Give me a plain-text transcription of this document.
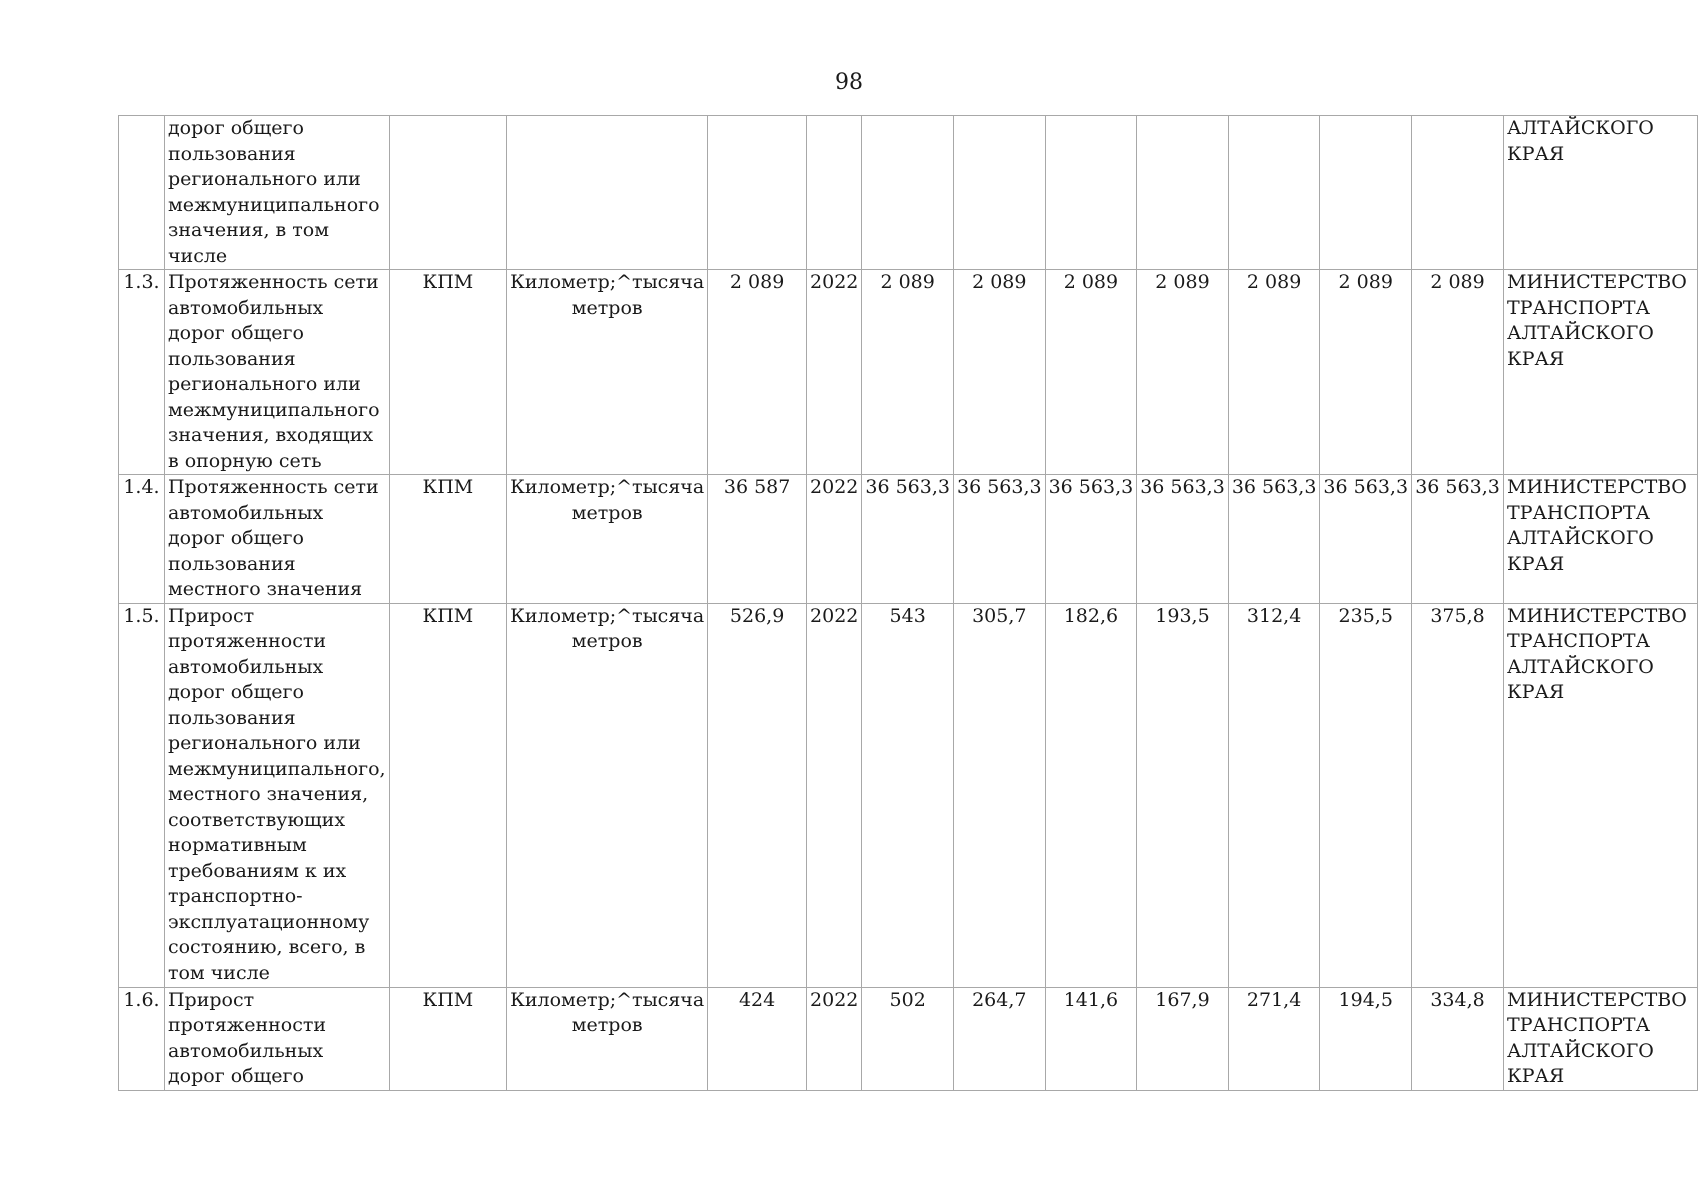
98
	дорог общего пользования регионального или межмуниципального значения, в том числе												АЛТАЙСКОГО КРАЯ
1.3.	Протяженность сети автомобильных дорог общего пользования регионального или межмуниципального значения, входящих в опорную сеть	КПМ	Километр;^тысяча метров	2 089	2022	2 089	2 089	2 089	2 089	2 089	2 089	2 089	МИНИСТЕРСТВО ТРАНСПОРТА АЛТАЙСКОГО КРАЯ
1.4.	Протяженность сети автомобильных дорог общего пользования местного значения	КПМ	Километр;^тысяча метров	36 587	2022	36 563,3	36 563,3	36 563,3	36 563,3	36 563,3	36 563,3	36 563,3	МИНИСТЕРСТВО ТРАНСПОРТА АЛТАЙСКОГО КРАЯ
1.5.	Прирост протяженности автомобильных дорог общего пользования регионального или межмуниципального, местного значения, соответствующих нормативным требованиям к их транспортно-эксплуатационному состоянию, всего, в том числе	КПМ	Километр;^тысяча метров	526,9	2022	543	305,7	182,6	193,5	312,4	235,5	375,8	МИНИСТЕРСТВО ТРАНСПОРТА АЛТАЙСКОГО КРАЯ
1.6.	Прирост протяженности автомобильных дорог общего	КПМ	Километр;^тысяча метров	424	2022	502	264,7	141,6	167,9	271,4	194,5	334,8	МИНИСТЕРСТВО ТРАНСПОРТА АЛТАЙСКОГО КРАЯ
